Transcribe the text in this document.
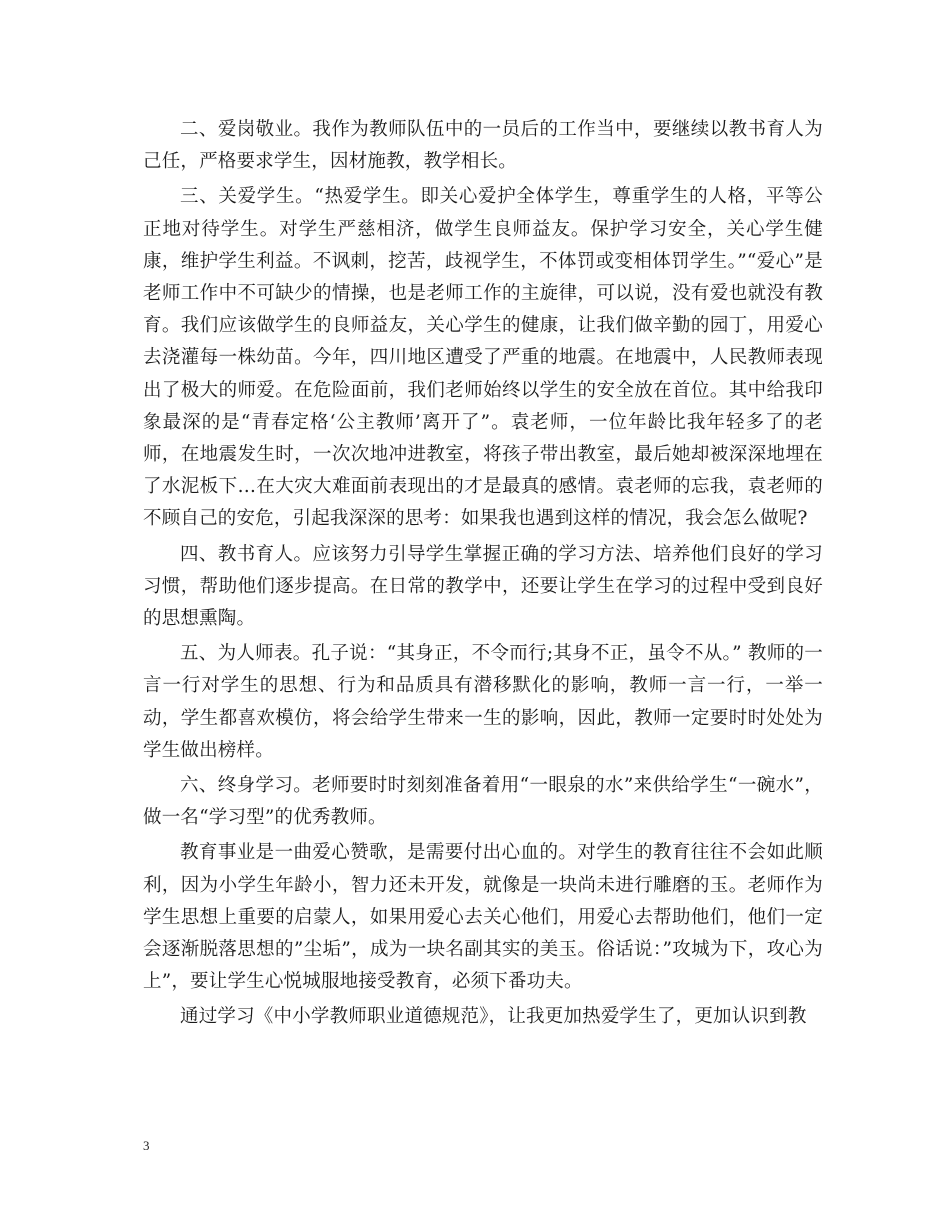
二、爱岗敬业。我作为教师队伍中的一员后的工作当中，要继续以教书育人为己任，严格要求学生，因材施教，教学相长。

三、关爱学生。“热爱学生。即关心爱护全体学生，尊重学生的人格，平等公正地对待学生。对学生严慈相济，做学生良师益友。保护学习安全，关心学生健康，维护学生利益。不讽刺，挖苦，歧视学生，不体罚或变相体罚学生。”“爱心”是老师工作中不可缺少的情操，也是老师工作的主旋律，可以说，没有爱也就没有教育。我们应该做学生的良师益友，关心学生的健康，让我们做辛勤的园丁，用爱心去浇灌每一株幼苗。今年，四川地区遭受了严重的地震。在地震中，人民教师表现出了极大的师爱。在危险面前，我们老师始终以学生的安全放在首位。其中给我印象最深的是“青春定格‘公主教师’离开了”。袁老师，一位年龄比我年轻多了的老师，在地震发生时，一次次地冲进教室，将孩子带出教室，最后她却被深深地埋在了水泥板下…在大灾大难面前表现出的才是最真的感情。袁老师的忘我，袁老师的不顾自己的安危，引起我深深的思考：如果我也遇到这样的情况，我会怎么做呢?

四、教书育人。应该努力引导学生掌握正确的学习方法、培养他们良好的学习习惯，帮助他们逐步提高。在日常的教学中，还要让学生在学习的过程中受到良好的思想熏陶。

五、为人师表。孔子说：“其身正，不令而行;其身不正，虽令不从。” 教师的一言一行对学生的思想、行为和品质具有潜移默化的影响，教师一言一行，一举一动，学生都喜欢模仿，将会给学生带来一生的影响，因此，教师一定要时时处处为学生做出榜样。

六、终身学习。老师要时时刻刻准备着用“一眼泉的水”来供给学生“一碗水”，做一名“学习型”的优秀教师。

教育事业是一曲爱心赞歌，是需要付出心血的。对学生的教育往往不会如此顺利，因为小学生年龄小，智力还未开发，就像是一块尚未进行雕磨的玉。老师作为学生思想上重要的启蒙人，如果用爱心去关心他们，用爱心去帮助他们，他们一定会逐渐脱落思想的”尘垢”，成为一块名副其实的美玉。俗话说：”攻城为下，攻心为上”，要让学生心悦城服地接受教育，必须下番功夫。

通过学习《中小学教师职业道德规范》，让我更加热爱学生了，更加认识到教

3
